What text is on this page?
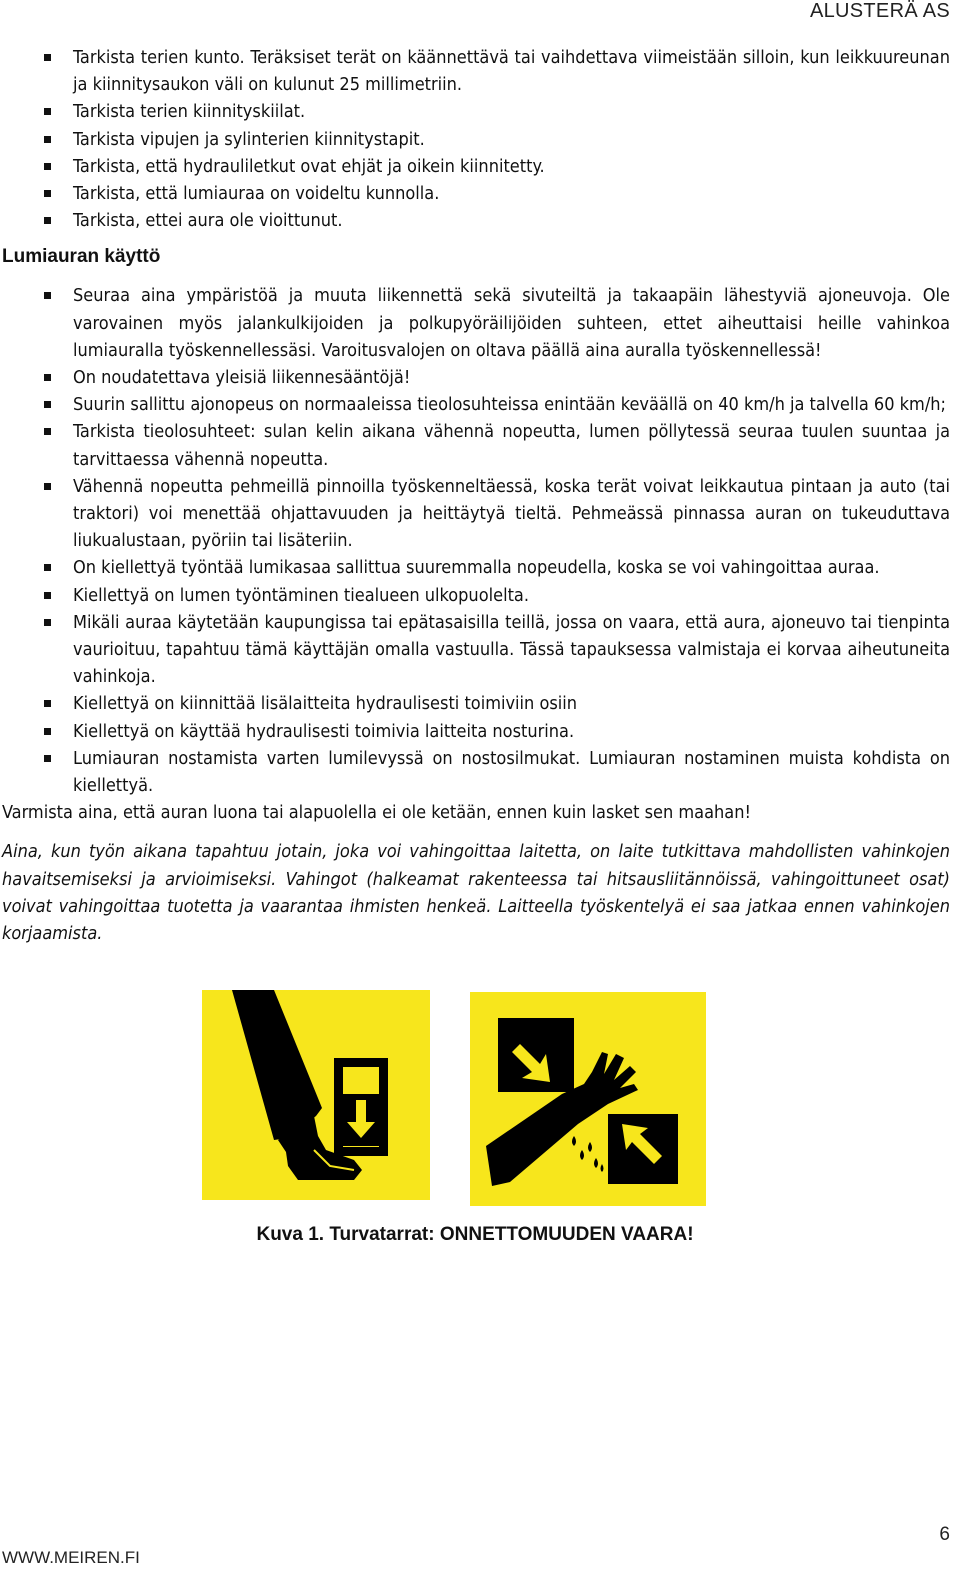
ALUSTERÄ AS
Tarkista terien kunto. Teräksiset terät on käännettävä tai vaihdettava viimeistään silloin, kun leikkuureunan ja kiinnitysaukon väli on kulunut 25 millimetriin.
Tarkista terien kiinnityskiilat.
Tarkista vipujen ja sylinterien kiinnitystapit.
Tarkista, että hydrauliletkut ovat ehjät ja oikein kiinnitetty.
Tarkista, että lumiauraa on voideltu kunnolla.
Tarkista, ettei aura ole vioittunut.
Lumiauran käyttö
Seuraa aina ympäristöä ja muuta liikennettä sekä sivuteiltä ja takaapäin lähestyviä ajoneuvoja. Ole varovainen myös jalankulkijoiden ja polkupyöräilijöiden suhteen, ettet aiheuttaisi heille vahinkoa lumiauralla työskennellessäsi. Varoitusvalojen on oltava päällä aina auralla työskennellessä!
On noudatettava yleisiä liikennesääntöjä!
Suurin sallittu ajonopeus on normaaleissa tieolosuhteissa enintään keväällä on 40 km/h ja talvella 60 km/h;
Tarkista tieolosuhteet: sulan kelin aikana vähennä nopeutta, lumen pöllytessä seuraa tuulen suuntaa ja tarvittaessa vähennä nopeutta.
Vähennä nopeutta pehmeillä pinnoilla työskenneltäessä, koska terät voivat leikkautua pintaan ja auto (tai traktori) voi menettää ohjattavuuden ja heittäytyä tieltä. Pehmeässä pinnassa auran on tukeuduttava liukualustaan, pyöriin tai lisäteriin.
On kiellettyä työntää lumikasaa sallittua suuremmalla nopeudella, koska se voi vahingoittaa auraa.
Kiellettyä on lumen työntäminen tiealueen ulkopuolelta.
Mikäli auraa käytetään kaupungissa tai epätasaisilla teillä, jossa on vaara, että aura, ajoneuvo tai tienpinta vaurioituu, tapahtuu tämä käyttäjän omalla vastuulla. Tässä tapauksessa valmistaja ei korvaa aiheutuneita vahinkoja.
Kiellettyä on kiinnittää lisälaitteita hydraulisesti toimiviin osiin
Kiellettyä on käyttää hydraulisesti toimivia laitteita nosturina.
Lumiauran nostamista varten lumilevyssä on nostosilmukat. Lumiauran nostaminen muista kohdista on kiellettyä.

Varmista aina, että auran luona tai alapuolella ei ole ketään, ennen kuin lasket sen maahan!

Aina, kun työn aikana tapahtuu jotain, joka voi vahingoittaa laitetta, on laite tutkittava mahdollisten vahinkojen havaitsemiseksi ja arvioimiseksi. Vahingot (halkeamat rakenteessa tai hitsausliitännöissä, vahingoittuneet osat) voivat vahingoittaa tuotetta ja vaarantaa ihmisten henkeä. Laitteella työskentelyä ei saa jatkaa ennen vahinkojen korjaamista.

Kuva 1. Turvatarrat: ONNETTOMUUDEN VAARA!
WWW.MEIREN.FI
6
